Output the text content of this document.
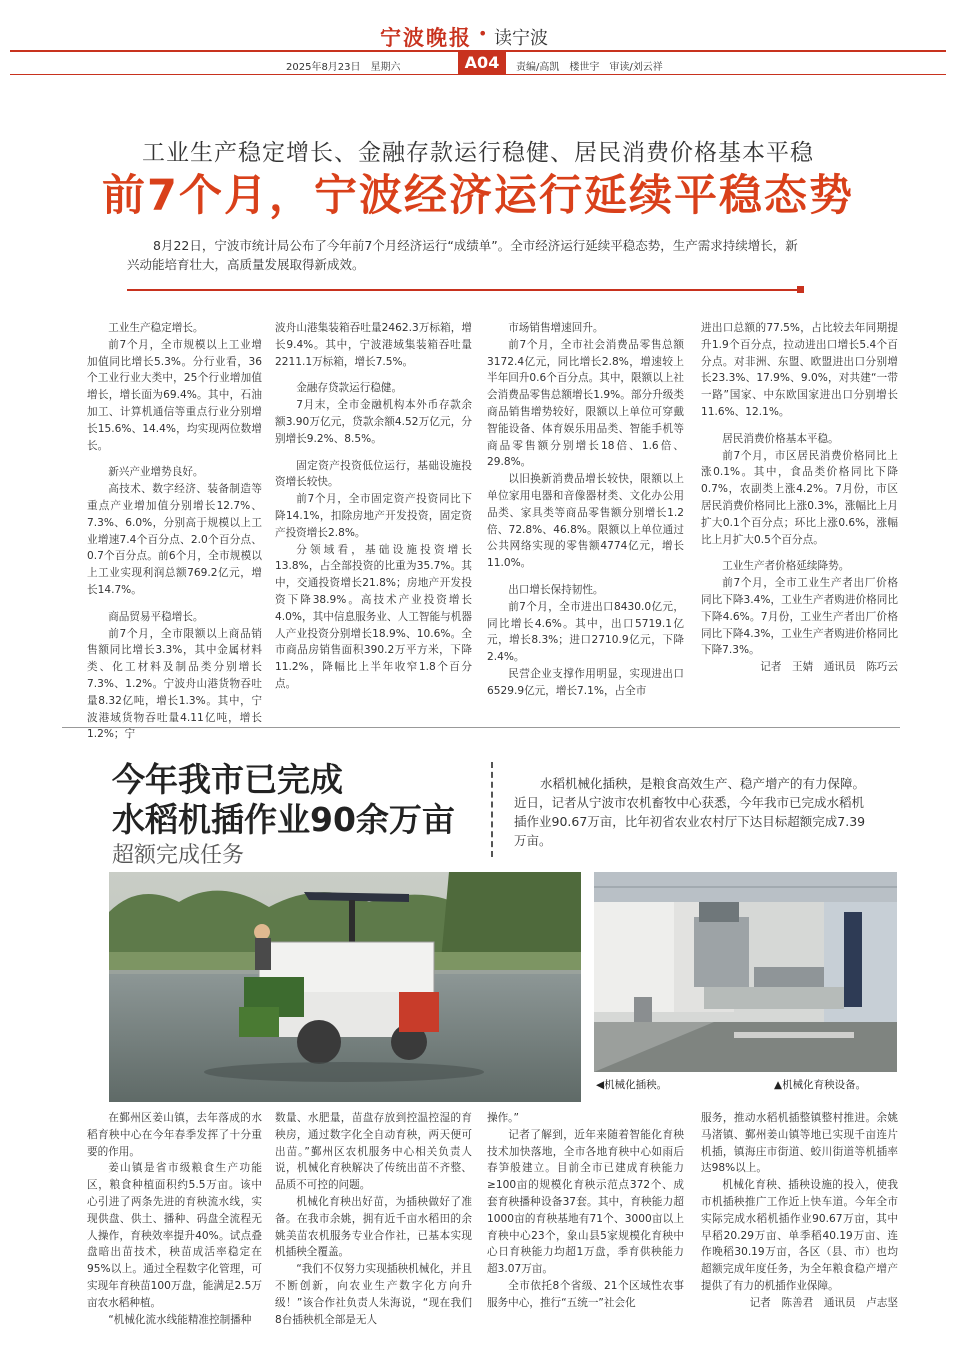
宁波晚报 • 读宁波
2025年8月23日　星期六	A04	责编/高凯　楼世宇　审读/刘云祥
工业生产稳定增长、金融存款运行稳健、居民消费价格基本平稳
前7个月，宁波经济运行延续平稳态势
8月22日，宁波市统计局公布了今年前7个月经济运行“成绩单”。全市经济运行延续平稳态势，生产需求持续增长，新兴动能培育壮大，高质量发展取得新成效。

工业生产稳定增长。

前7个月，全市规模以上工业增加值同比增长5.3%。分行业看，36个工业行业大类中，25个行业增加值增长，增长面为69.4%。其中，石油加工、计算机通信等重点行业分别增长15.6%、14.4%，均实现两位数增长。

新兴产业增势良好。

高技术、数字经济、装备制造等重点产业增加值分别增长12.7%、7.3%、6.0%，分别高于规模以上工业增速7.4个百分点、2.0个百分点、0.7个百分点。前6个月，全市规模以上工业实现利润总额769.2亿元，增长14.7%。

商品贸易平稳增长。

前7个月，全市限额以上商品销售额同比增长3.3%，其中金属材料类、化工材料及制品类分别增长7.3%、1.2%。宁波舟山港货物吞吐量8.32亿吨，增长1.3%。其中，宁波港域货物吞吐量4.11亿吨，增长1.2%；宁

波舟山港集装箱吞吐量2462.3万标箱，增长9.4%。其中，宁波港域集装箱吞吐量2211.1万标箱，增长7.5%。

金融存贷款运行稳健。

7月末，全市金融机构本外币存款余额3.90万亿元，贷款余额4.52万亿元，分别增长9.2%、8.5%。

固定资产投资低位运行，基础设施投资增长较快。

前7个月，全市固定资产投资同比下降14.1%，扣除房地产开发投资，固定资产投资增长2.8%。

分领域看，基础设施投资增长13.8%，占全部投资的比重为35.7%。其中，交通投资增长21.8%；房地产开发投资下降38.9%。高技术产业投资增长4.0%，其中信息服务业、人工智能与机器人产业投资分别增长18.9%、10.6%。全市商品房销售面积390.2万平方米，下降11.2%，降幅比上半年收窄1.8个百分点。

市场销售增速回升。

前7个月，全市社会消费品零售总额3172.4亿元，同比增长2.8%，增速较上半年回升0.6个百分点。其中，限额以上社会消费品零售总额增长1.9%。部分升级类商品销售增势较好，限额以上单位可穿戴智能设备、体育娱乐用品类、智能手机等商品零售额分别增长18倍、1.6倍、29.8%。

以旧换新消费品增长较快，限额以上单位家用电器和音像器材类、文化办公用品类、家具类等商品零售额分别增长1.2倍、72.8%、46.8%。限额以上单位通过公共网络实现的零售额4774亿元，增长11.0%。

出口增长保持韧性。

前7个月，全市进出口8430.0亿元，同比增长4.6%。其中，出口5719.1亿元，增长8.3%；进口2710.9亿元，下降2.4%。

民营企业支撑作用明显，实现进出口6529.9亿元，增长7.1%，占全市

进出口总额的77.5%，占比较去年同期提升1.9个百分点，拉动进出口增长5.4个百分点。对非洲、东盟、欧盟进出口分别增长23.3%、17.9%、9.0%，对共建“一带一路”国家、中东欧国家进出口分别增长11.6%、12.1%。

居民消费价格基本平稳。

前7个月，市区居民消费价格同比上涨0.1%。其中，食品类价格同比下降0.7%，农副类上涨4.2%。7月份，市区居民消费价格同比上涨0.3%，涨幅比上月扩大0.1个百分点；环比上涨0.6%，涨幅比上月扩大0.5个百分点。

工业生产者价格延续降势。

前7个月，全市工业生产者出厂价格同比下降3.4%，工业生产者购进价格同比下降4.6%。7月份，工业生产者出厂价格同比下降4.3%，工业生产者购进价格同比下降7.3%。

记者　王婧　通讯员　陈巧云

今年我市已完成
水稻机插作业90余万亩
超额完成任务
水稻机械化插秧，是粮食高效生产、稳产增产的有力保障。近日，记者从宁波市农机畜牧中心获悉，今年我市已完成水稻机插作业90.67万亩，比年初省农业农村厅下达目标超额完成7.39万亩。
◀机械化插秧。	▲机械化育秧设备。

在鄞州区姜山镇，去年落成的水稻育秧中心在今年春季发挥了十分重要的作用。

姜山镇是省市级粮食生产功能区，粮食种植面积约5.5万亩。该中心引进了两条先进的育秧流水线，实现供盘、供土、播种、码盘全流程无人操作，育秧效率提升40%。试点叠盘暗出苗技术，秧苗成活率稳定在95%以上。通过全程数字化管理，可实现年育秧苗100万盘，能满足2.5万亩农水稻种植。

“机械化流水线能精准控制播种

数量、水肥量，苗盘存放到控温控湿的育秧房，通过数字化全自动育秧，两天便可出苗。”鄞州区农机服务中心相关负责人说，机械化育秧解决了传统出苗不齐整、品质不可控的问题。

机械化育秧出好苗，为插秧做好了准备。在我市余姚，拥有近千亩水稻田的余姚美苗农机服务专业合作社，已基本实现机插秧全覆盖。

“我们不仅努力实现插秧机械化，并且不断创新，向农业生产数字化方向升级！”该合作社负责人朱海说，“现在我们8台插秧机全部是无人

操作。”

记者了解到，近年来随着智能化育秧技术加快落地，全市各地育秧中心如雨后春笋般建立。目前全市已建成育秧能力≥100亩的规模化育秧示范点372个、成套育秧播种设备37套。其中，育秧能力超1000亩的育秧基地有71个、3000亩以上育秧中心23个，象山县5家规模化育秧中心日育秧能力均超1万盘，季育供秧能力超3.07万亩。

全市依托8个省级、21个区域性农事服务中心，推行“五统一”社会化

服务，推动水稻机插整镇整村推进。余姚马渚镇、鄞州姜山镇等地已实现千亩连片机插，镇海庄市街道、蛟川街道等机插率达98%以上。

机械化育秧、插秧设施的投入，使我市机插秧推广工作近上快车道。今年全市实际完成水稻机插作业90.67万亩，其中早稻20.29万亩、单季稻40.19万亩、连作晚稻30.19万亩，各区（县、市）也均超额完成年度任务，为全年粮食稳产增产提供了有力的机插作业保障。

记者　陈善君　通讯员　卢志坚
